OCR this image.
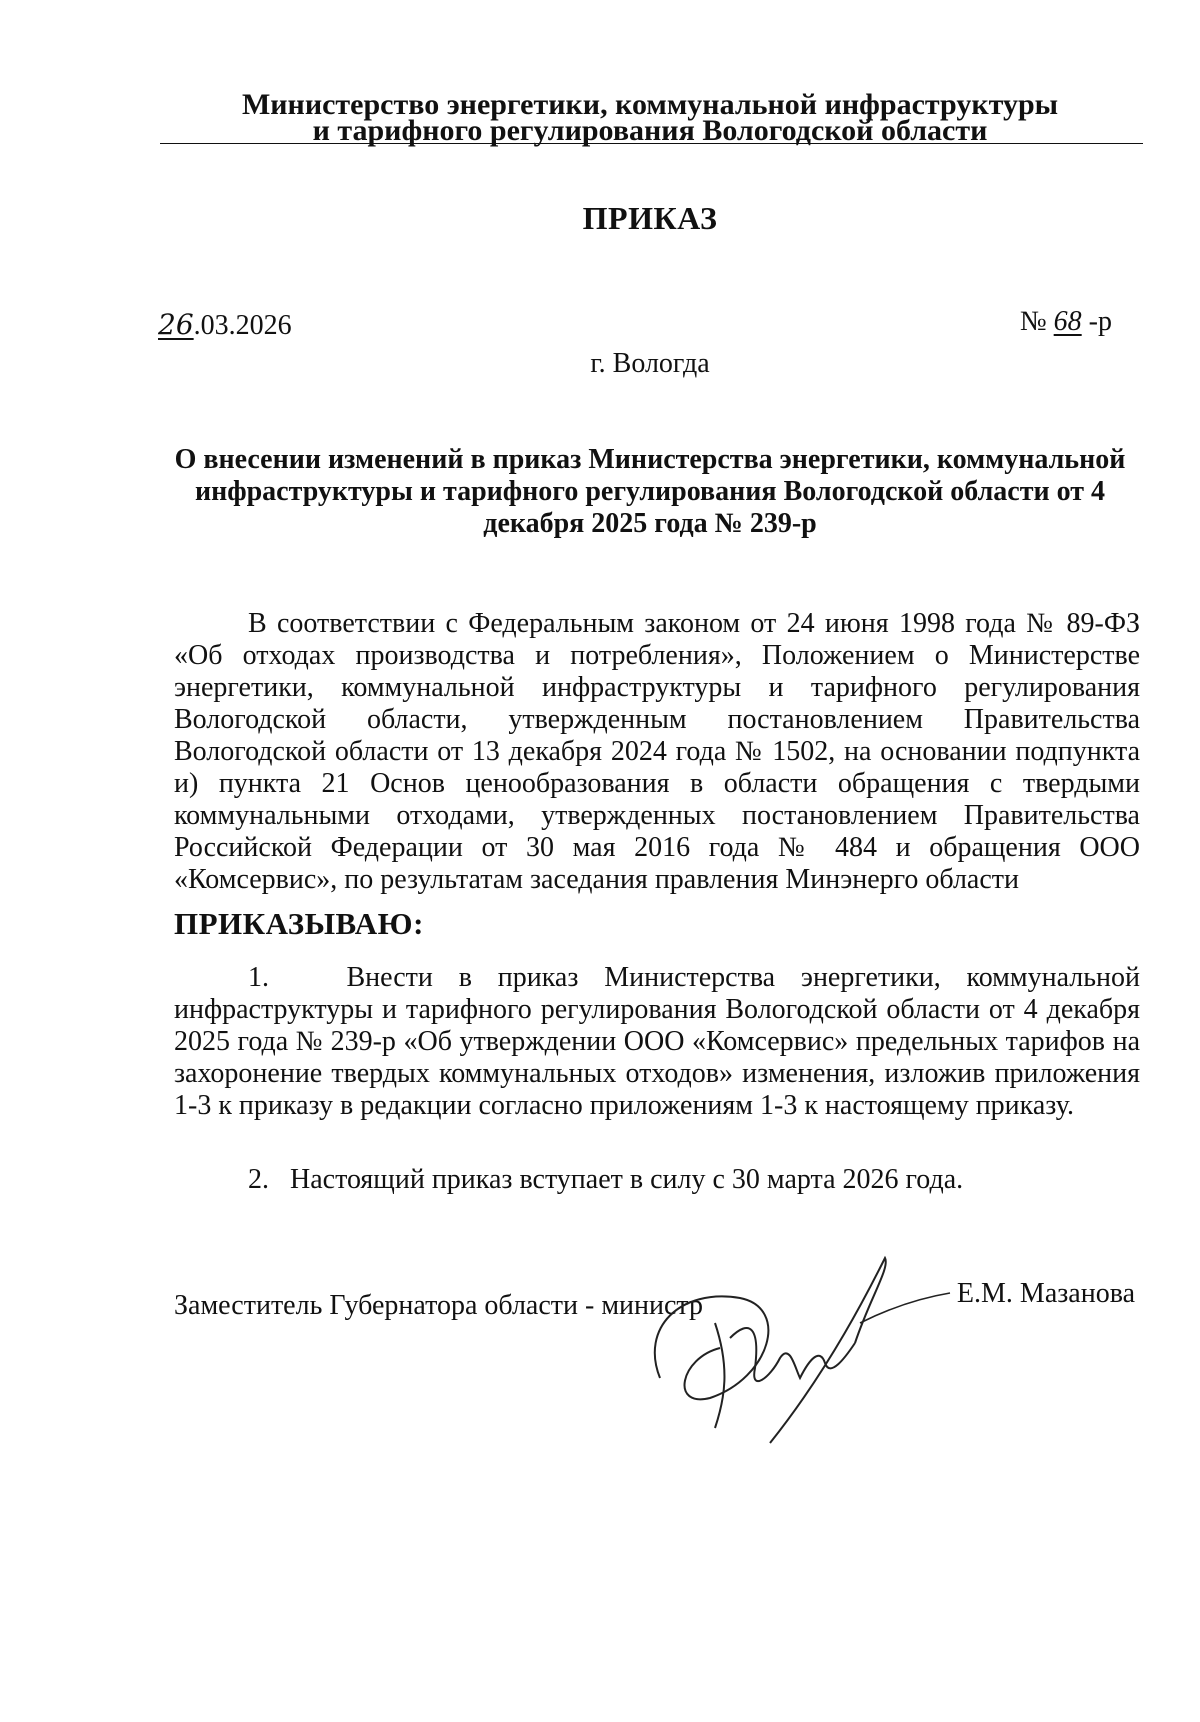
Министерство энергетики, коммунальной инфраструктуры
и тарифного регулирования Вологодской области
ПРИКАЗ
26.03.2026	№ 68 -р
г. Вологда
О внесении изменений в приказ Министерства энергетики, коммунальной инфраструктуры и тарифного регулирования Вологодской области от 4 декабря 2025 года № 239-р
В соответствии с Федеральным законом от 24 июня 1998 года № 89-ФЗ «Об отходах производства и потребления», Положением о Министерстве энергетики, коммунальной инфраструктуры и тарифного регулирования Вологодской области, утвержденным постановлением Правительства Вологодской области от 13 декабря 2024 года № 1502, на основании подпункта и) пункта 21 Основ ценообразования в области обращения с твердыми коммунальными отходами, утвержденных постановлением Правительства Российской Федерации от 30 мая 2016 года № 484 и обращения ООО «Комсервис», по результатам заседания правления Минэнерго области
ПРИКАЗЫВАЮ:
1.	Внести в приказ Министерства энергетики, коммунальной инфраструктуры и тарифного регулирования Вологодской области от 4 декабря 2025 года № 239-р «Об утверждении ООО «Комсервис» предельных тарифов на захоронение твердых коммунальных отходов» изменения, изложив приложения 1-3 к приказу в редакции согласно приложениям 1-3 к настоящему приказу.
2. Настоящий приказ вступает в силу с 30 марта 2026 года.
Заместитель Губернатора области - министр	Е.М. Мазанова
